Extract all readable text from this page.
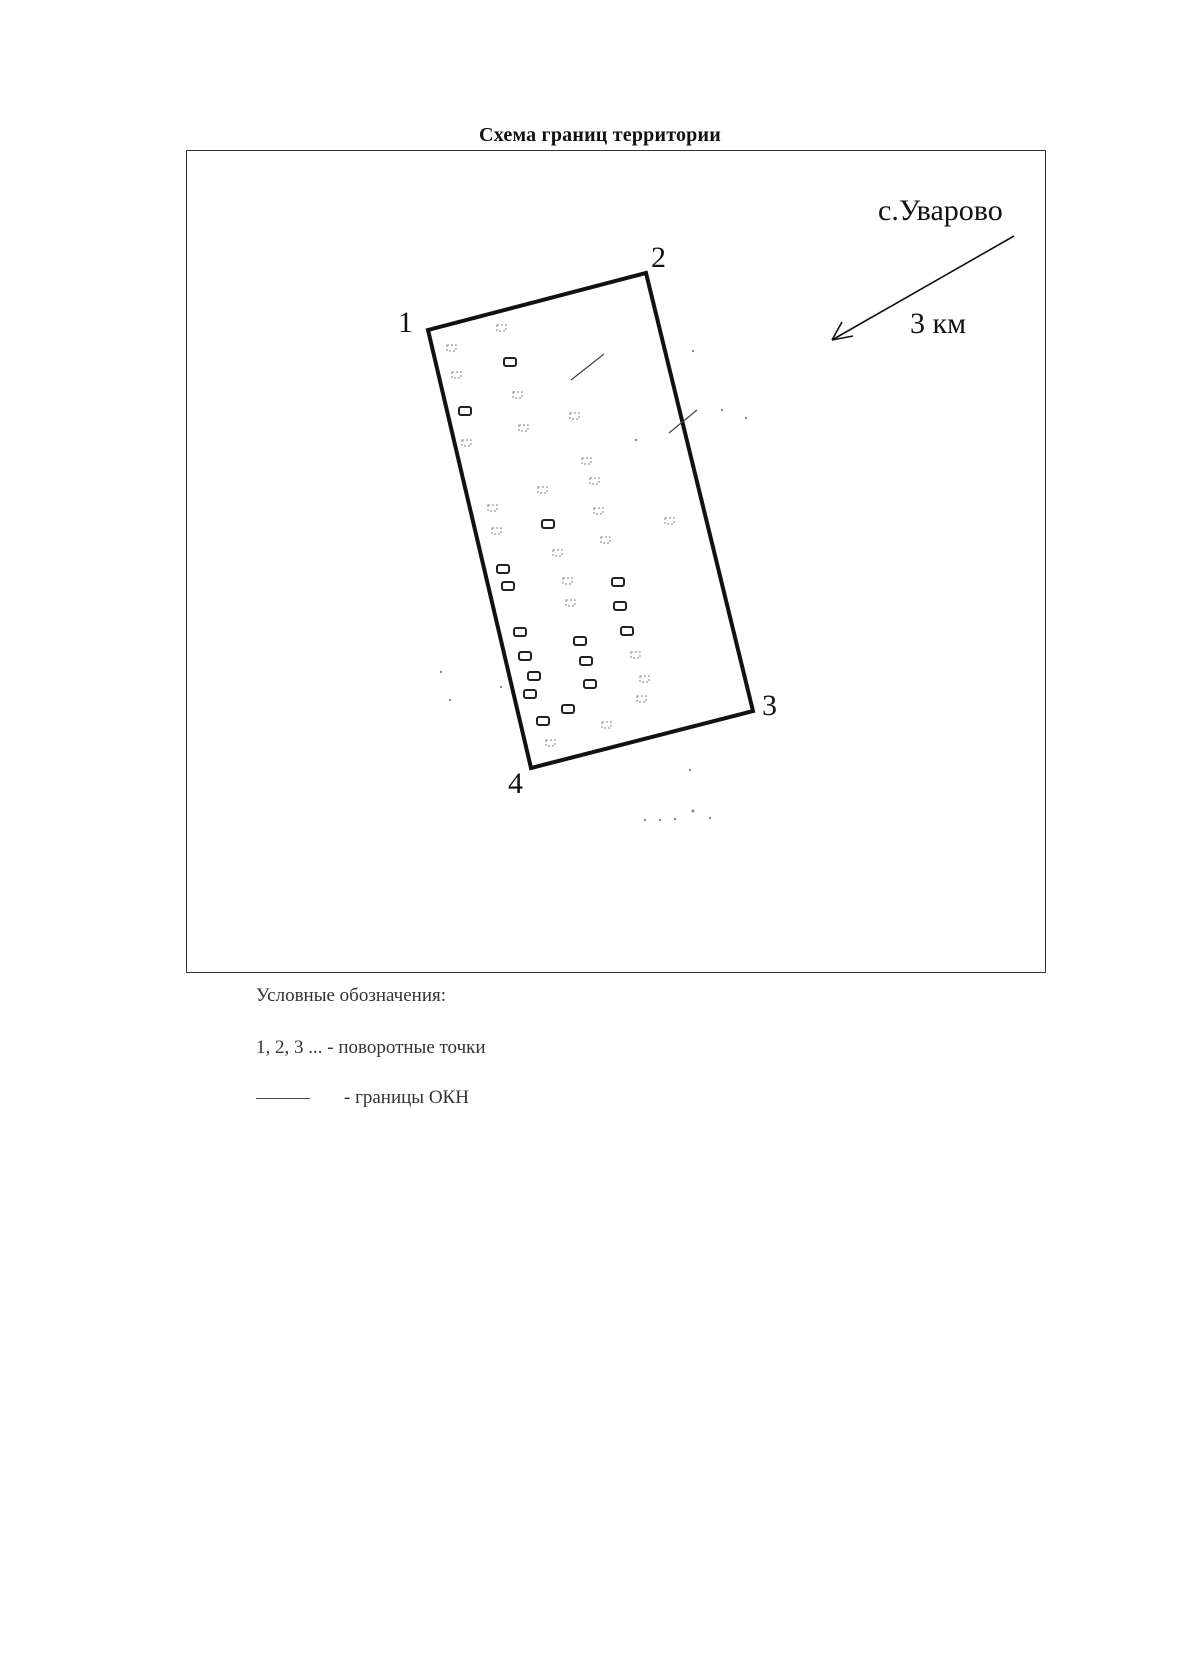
Схема границ территории
1
2
3
4
с.Уварово
3 км
Условные обозначения:
1, 2, 3 ... - поворотные точки
- границы ОКН
